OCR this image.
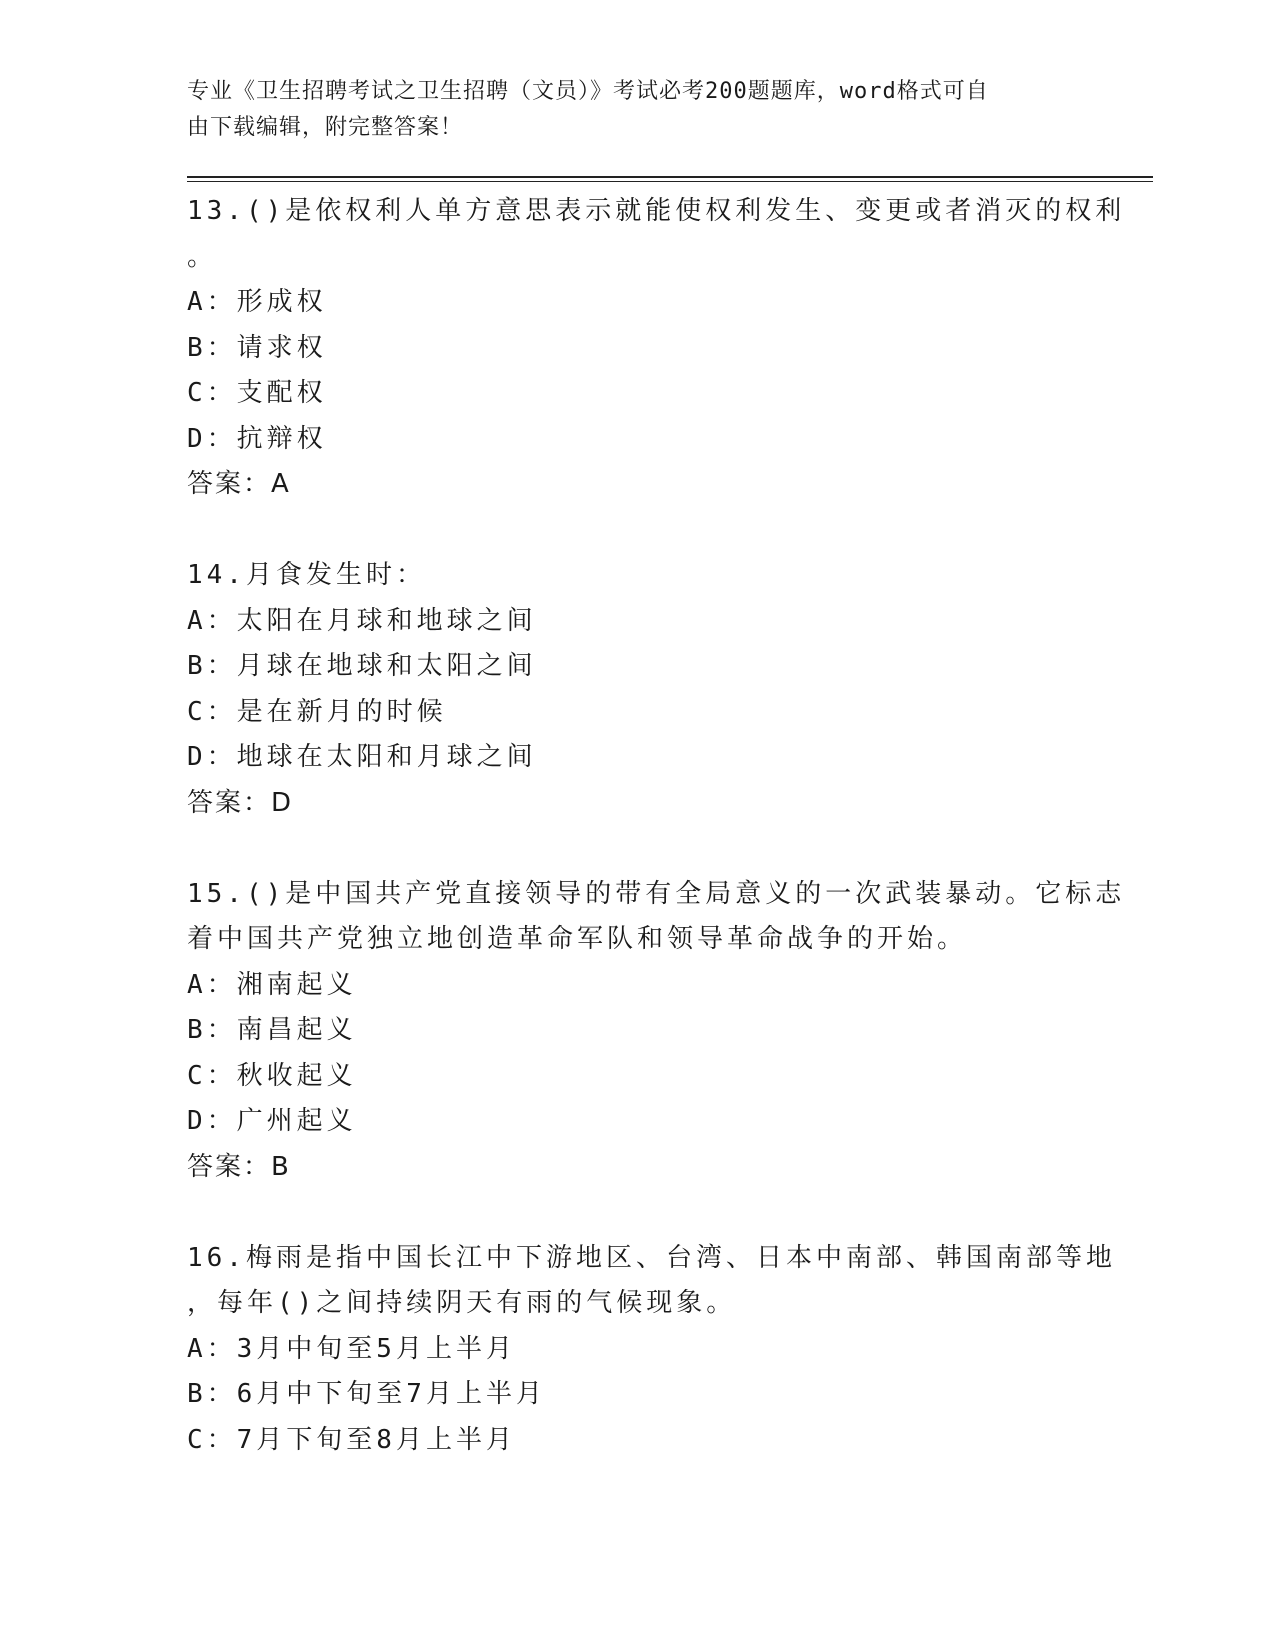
专业《卫生招聘考试之卫生招聘（文员）》考试必考200题题库，word格式可自
由下载编辑，附完整答案！
13.()是依权利人单方意思表示就能使权利发生、变更或者消灭的权利
。
A：形成权
B：请求权
C：支配权
D：抗辩权
答案：A
14.月食发生时：
A：太阳在月球和地球之间
B：月球在地球和太阳之间
C：是在新月的时候
D：地球在太阳和月球之间
答案：D
15.()是中国共产党直接领导的带有全局意义的一次武装暴动。它标志
着中国共产党独立地创造革命军队和领导革命战争的开始。
A：湘南起义
B：南昌起义
C：秋收起义
D：广州起义
答案：B
16.梅雨是指中国长江中下游地区、台湾、日本中南部、韩国南部等地
，每年()之间持续阴天有雨的气候现象。
A：3月中旬至5月上半月
B：6月中下旬至7月上半月
C：7月下旬至8月上半月
